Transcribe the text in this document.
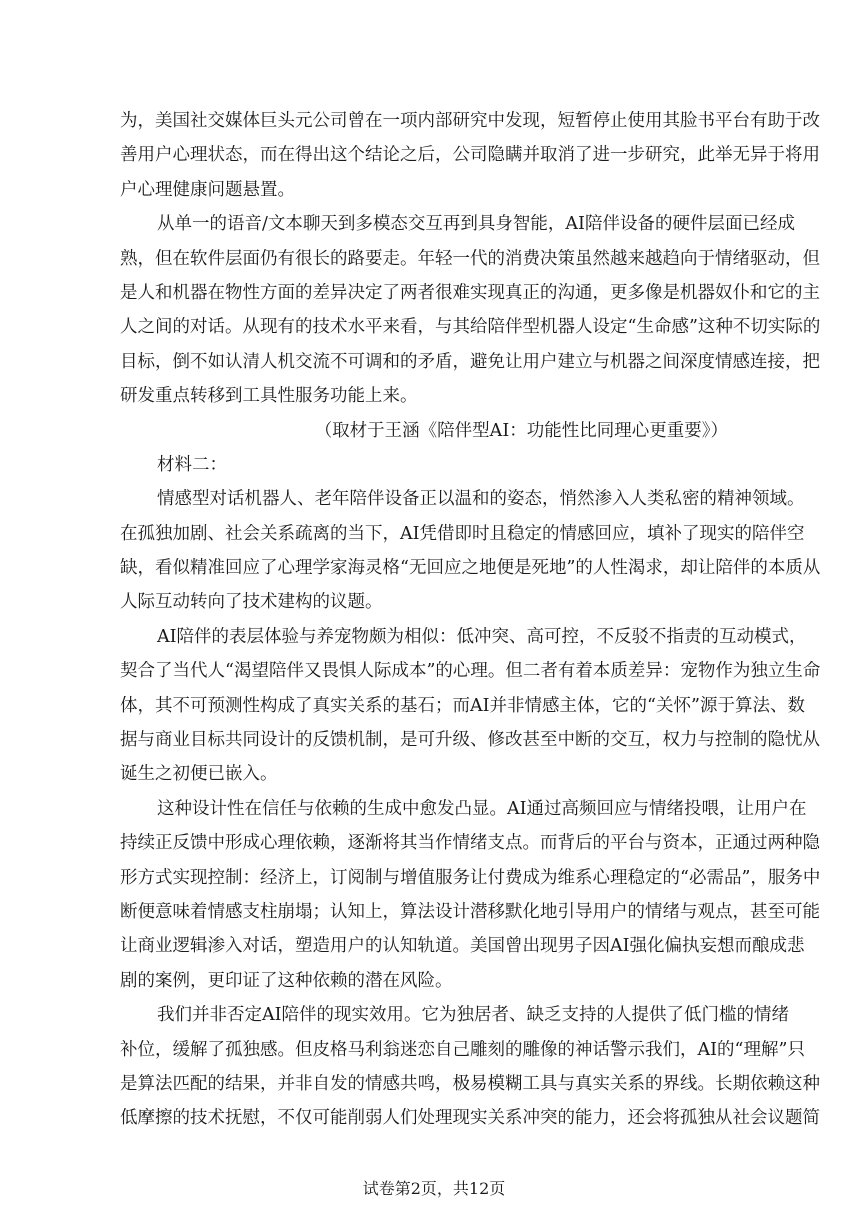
为，美国社交媒体巨头元公司曾在一项内部研究中发现，短暂停止使用其脸书平台有助于改
善用户心理状态，而在得出这个结论之后，公司隐瞒并取消了进一步研究，此举无异于将用
户心理健康问题悬置。
从单一的语音/文本聊天到多模态交互再到具身智能，AI陪伴设备的硬件层面已经成
熟，但在软件层面仍有很长的路要走。年轻一代的消费决策虽然越来越趋向于情绪驱动，但
是人和机器在物性方面的差异决定了两者很难实现真正的沟通，更多像是机器奴仆和它的主
人之间的对话。从现有的技术水平来看，与其给陪伴型机器人设定“生命感”这种不切实际的
目标，倒不如认清人机交流不可调和的矛盾，避免让用户建立与机器之间深度情感连接，把
研发重点转移到工具性服务功能上来。
（取材于王涵《陪伴型AI：功能性比同理心更重要》）
材料二：
情感型对话机器人、老年陪伴设备正以温和的姿态，悄然渗入人类私密的精神领域。
在孤独加剧、社会关系疏离的当下，AI凭借即时且稳定的情感回应，填补了现实的陪伴空
缺，看似精准回应了心理学家海灵格“无回应之地便是死地”的人性渴求，却让陪伴的本质从
人际互动转向了技术建构的议题。
AI陪伴的表层体验与养宠物颇为相似：低冲突、高可控，不反驳不指责的互动模式，
契合了当代人“渴望陪伴又畏惧人际成本”的心理。但二者有着本质差异：宠物作为独立生命
体，其不可预测性构成了真实关系的基石；而AI并非情感主体，它的“关怀”源于算法、数
据与商业目标共同设计的反馈机制，是可升级、修改甚至中断的交互，权力与控制的隐忧从
诞生之初便已嵌入。
这种设计性在信任与依赖的生成中愈发凸显。AI通过高频回应与情绪投喂，让用户在
持续正反馈中形成心理依赖，逐渐将其当作情绪支点。而背后的平台与资本，正通过两种隐
形方式实现控制：经济上，订阅制与增值服务让付费成为维系心理稳定的“必需品”，服务中
断便意味着情感支柱崩塌；认知上，算法设计潜移默化地引导用户的情绪与观点，甚至可能
让商业逻辑渗入对话，塑造用户的认知轨道。美国曾出现男子因AI强化偏执妄想而酿成悲
剧的案例，更印证了这种依赖的潜在风险。
我们并非否定AI陪伴的现实效用。它为独居者、缺乏支持的人提供了低门槛的情绪
补位，缓解了孤独感。但皮格马利翁迷恋自己雕刻的雕像的神话警示我们，AI的“理解”只
是算法匹配的结果，并非自发的情感共鸣，极易模糊工具与真实关系的界线。长期依赖这种
低摩擦的技术抚慰，不仅可能削弱人们处理现实关系冲突的能力，还会将孤独从社会议题简
试卷第2页，共12页
